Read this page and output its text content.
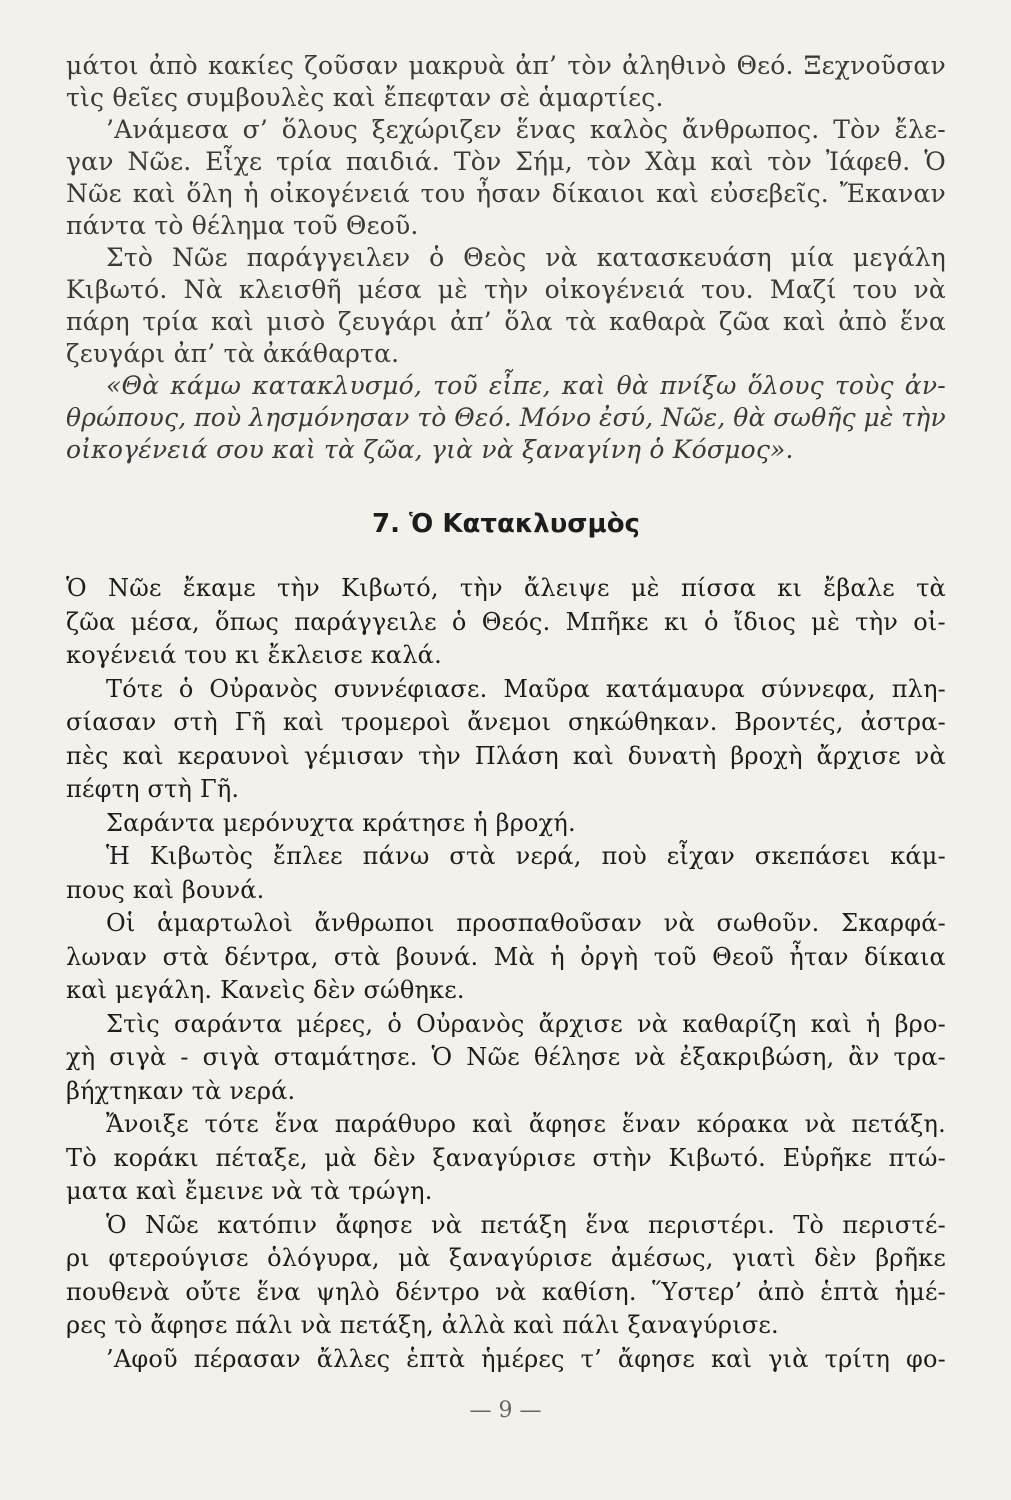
μάτοι ἀπὸ κακίες ζοῦσαν μακρυὰ ἀπ’ τὸν ἀληθινὸ Θεό. Ξεχνοῦσαν
τὶς θεῖες συμβουλὲς καὶ ἔπεφταν σὲ ἁμαρτίες.
’Ανάμεσα σ’ ὅλους ξεχώριζεν ἕνας καλὸς ἄνθρωπος. Τὸν ἔλε-
γαν Νῶε. Εἶχε τρία παιδιά. Τὸν Σήμ, τὸν Χὰμ καὶ τὸν Ἰάφεθ. Ὁ
Νῶε καὶ ὅλη ἡ οἰκογένειά του ἦσαν δίκαιοι καὶ εὐσεβεῖς. Ἔκαναν
πάντα τὸ θέλημα τοῦ Θεοῦ.
Στὸ Νῶε παράγγειλεν ὁ Θεὸς νὰ κατασκευάση μία μεγάλη
Κιβωτό. Νὰ κλεισθῆ μέσα μὲ τὴν οἰκογένειά του. Μαζί του νὰ
πάρη τρία καὶ μισὸ ζευγάρι ἀπ’ ὅλα τὰ καθαρὰ ζῶα καὶ ἀπὸ ἕνα
ζευγάρι ἀπ’ τὰ ἀκάθαρτα.
«Θὰ κάμω κατακλυσμό, τοῦ εἶπε, καὶ θὰ πνίξω ὅλους τοὺς ἀν-
θρώπους, ποὺ λησμόνησαν τὸ Θεό. Μόνο ἐσύ, Νῶε, θὰ σωθῆς μὲ τὴν
οἰκογένειά σου καὶ τὰ ζῶα, γιὰ νὰ ξαναγίνη ὁ Κόσμος».
7. Ὁ Κατακλυσμὸς
Ὁ Νῶε ἔκαμε τὴν Κιβωτό, τὴν ἄλειψε μὲ πίσσα κι ἔβαλε τὰ
ζῶα μέσα, ὅπως παράγγειλε ὁ Θεός. Μπῆκε κι ὁ ἴδιος μὲ τὴν οἰ-
κογένειά του κι ἔκλεισε καλά.
Τότε ὁ Οὐρανὸς συννέφιασε. Μαῦρα κατάμαυρα σύννεφα, πλη-
σίασαν στὴ Γῆ καὶ τρομεροὶ ἄνεμοι σηκώθηκαν. Βροντές, ἀστρα-
πὲς καὶ κεραυνοὶ γέμισαν τὴν Πλάση καὶ δυνατὴ βροχὴ ἄρχισε νὰ
πέφτη στὴ Γῆ.
Σαράντα μερόνυχτα κράτησε ἡ βροχή.
Ἡ Κιβωτὸς ἔπλεε πάνω στὰ νερά, ποὺ εἶχαν σκεπάσει κάμ-
πους καὶ βουνά.
Οἱ ἁμαρτωλοὶ ἄνθρωποι προσπαθοῦσαν νὰ σωθοῦν. Σκαρφά-
λωναν στὰ δέντρα, στὰ βουνά. Μὰ ἡ ὀργὴ τοῦ Θεοῦ ἦταν δίκαια
καὶ μεγάλη. Κανεὶς δὲν σώθηκε.
Στὶς σαράντα μέρες, ὁ Οὐρανὸς ἄρχισε νὰ καθαρίζη καὶ ἡ βρο-
χὴ σιγὰ - σιγὰ σταμάτησε. Ὁ Νῶε θέλησε νὰ ἐξακριβώση, ἂν τρα-
βήχτηκαν τὰ νερά.
Ἄνοιξε τότε ἕνα παράθυρο καὶ ἄφησε ἕναν κόρακα νὰ πετάξη.
Τὸ κοράκι πέταξε, μὰ δὲν ξαναγύρισε στὴν Κιβωτό. Εὑρῆκε πτώ-
ματα καὶ ἔμεινε νὰ τὰ τρώγη.
Ὁ Νῶε κατόπιν ἄφησε νὰ πετάξη ἕνα περιστέρι. Τὸ περιστέ-
ρι φτερούγισε ὁλόγυρα, μὰ ξαναγύρισε ἀμέσως, γιατὶ δὲν βρῆκε
πουθενὰ οὔτε ἕνα ψηλὸ δέντρο νὰ καθίση. Ὕστερ’ ἀπὸ ἑπτὰ ἡμέ-
ρες τὸ ἄφησε πάλι νὰ πετάξη, ἀλλὰ καὶ πάλι ξαναγύρισε.
’Αφοῦ πέρασαν ἄλλες ἑπτὰ ἡμέρες τ’ ἄφησε καὶ γιὰ τρίτη φο-
— 9 —
